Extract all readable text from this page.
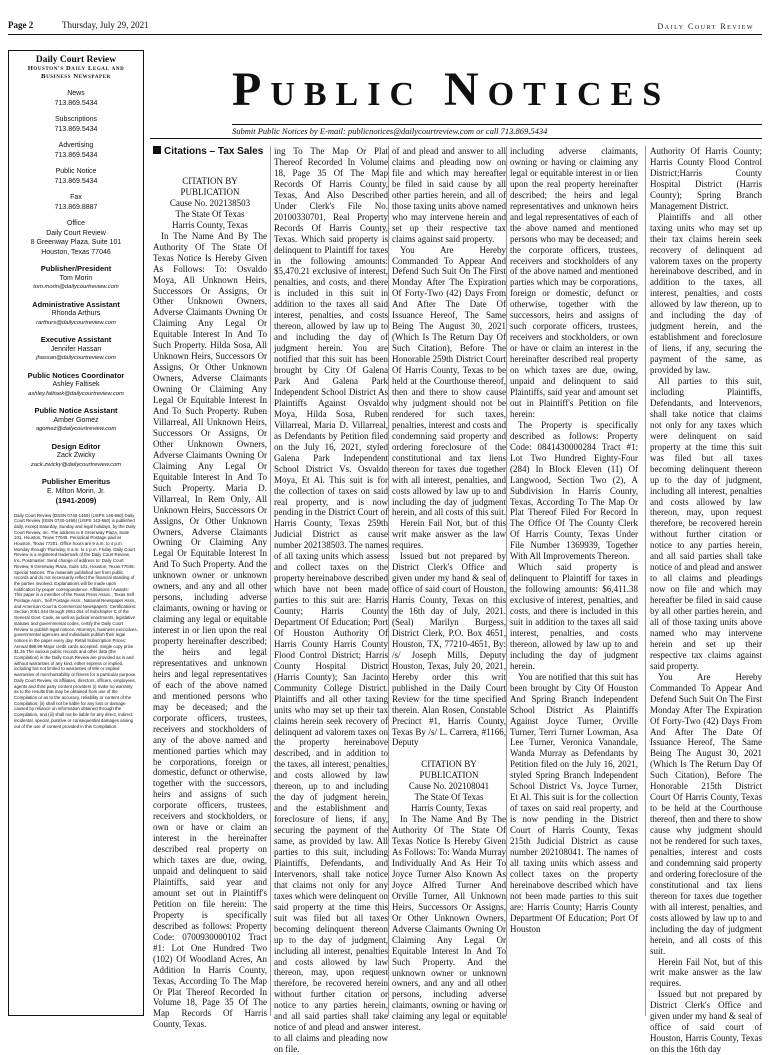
Page 2	Thursday, July 29, 2021	Daily Court Review
Daily Court Review
Houston's Daily Legal and Business Newspaper
News
713.869.5434
Subscriptions
713.869.5434
Advertising
713.869.5434
Public Notice
713.869.5434
Fax
713.869.8887
Office
Daily Court Review
8 Greenway Plaza, Suite 101
Houston, Texas 77046
Publisher/President
Tom Morin
tom.morin@dailycourtreview.com
Administrative Assistant
Rhonda Arthurs
rarthurs@dailycourtreview.com
Executive Assistant
Jennifer Hassan
jhassan@dailycourtreview.com
Public Notices Coordinator
Ashley Faltisek
ashley.faltisek@dailycourtreview.com
Public Notice Assistant
Amber Gomez
agomez@dailycourtreview.com
Design Editor
Zack Zwicky
zack.zwicky@dailycourtreview.com
Publisher Emeritus
E. Milton Morin, Jr.
(1941-2009)
Daily Court Review (DSSN 0740-1469) (USPS 146-660) Daily Court Review (ISSN 0740-1469) (USPS 142-660) is published daily, except Saturday, Sunday and legal holidays, by the Daily Court Review, Inc. The address is 8 Greenway Plaza, Suite 101, Houston, Texas 77046. Periodical Postage paid at Houston, Texas 77201. Office hours are 9 a.m. to 4 p.m. Monday through Thursday, 9 a.m. to 1 p.m. Friday. Daily Court Review is a registered trademark of the Daily Court Review, Inc. Postmaster: Send change of address to: Daily Court Review, 8 Greenway Plaza, Suite 101, Houston, Texas 77046. Special Notices: The materials published are from public records and do not necessarily reflect the financial standing of the parties involved. Explanations will be made upon notification by proper correspondence. Affiliations / Awards: This paper is a member of the Texas Press Assoc., Texas Self Postage Assn., Self Postage Assn., National Newspaper Assn., and American Court & Commercial Newspapers. Certifications: Section 2051.044 through 2051.051 of Subchapter C of the General Govt. Code, as well as judicial enactments, legislative statutes and governmental codes, certify the Daily Court Review to publish legal notices. Attorneys, business executives, governmental agencies and individuals publish their legal notices in the paper every day. Retail Subscription Prices: Annual $99.99 Major credit cards accepted. Single copy price $1.25 The various public records and other data (the Compilation) in the Daily Court Review are provided as is and without warranties of any kind, either express or implied, including but not limited to warranties of title or implied warranties of merchantability or fitness for a particular purpose. Daily Court Review, its affiliates, directors, officers, employees, agents and third party content providers (i) make no warranty as to the results that may be obtained from use of the Compilation or as to the accuracy, reliability or content of the Compilation, (ii) shall not be liable for any loss or damage caused by reliance on information obtained through the Compilation, and (iii) shall not be liable for any direct, indirect, incidental, special, punitive or consequential damages arising out of the use of content provided in this Compilation.
Public Notices
Submit Public Notices by E-mail: publicnotices@dailycourtreview.com or call 713.869.5434
Citations – Tax Sales

CITATION BY PUBLICATION

Cause No. 202138503

The State Of Texas

Harris County, Texas

In The Name And By The Authority Of The State Of Texas Notice Is Hereby Given As Follows: To: Osvaldo Moya, All Unknown Heirs, Successors Or Assigns, Or Other Unknown Owners, Adverse Claimants Owning Or Claiming Any Legal Or Equitable Interest In And To Such Property. Hilda Sosa, All Unknown Heirs, Successors Or Assigns, Or Other Unknown Owners, Adverse Claimants Owning Or Claiming Any Legal Or Equitable Interest In And To Such Property. Ruben Villarreal, All Unknown Heirs, Successors Or Assigns, Or Other Unknown Owners, Adverse Claimants Owning Or Claiming Any Legal Or Equitable Interest In And To Such Property. Maria D. Villarreal, In Rem Only, All Unknown Heirs, Successors Or Assigns, Or Other Unknown Owners, Adverse Claimants Owning Or Claiming Any Legal Or Equitable Interest In And To Such Property. And the unknown owner or unknown owners, and any and all other persons, including adverse claimants, owning or having or claiming any legal or equitable interest in or lien upon the real property hereinafter described; the heirs and legal representatives and unknown heirs and legal representatives of each of the above named and mentioned persons who may be deceased; and the corporate officers, trustees, receivers and stockholders of any of the above named and mentioned parties which may be corporations, foreign or domestic, defunct or otherwise, together with the successors, heirs and assigns of such corporate officers, trustees, receivers and stockholders, or own or have or claim an interest in the hereinafter described real property on which taxes are due, owing, unpaid and delinquent to said Plaintiffs, said year and amount set out in Plaintiff's Petition on file herein: The Property is specifically described as follows: Property Code: 0700930000102 Tract #1: Lot One Hundred Two (102) Of Woodland Acres, An Addition In Harris County, Texas, According To The Map Or Plat Thereof Recorded In Volume 18, Page 35 Of The Map Records Of Harris County, Texas.

ing To The Map Or Plat Thereof Recorded In Volume 18, Page 35 Of The Map Records Of Harris County, Texas, And Also Described Under Clerk's File No. 20100330701, Real Property Records Of Harris County, Texas. Which said property is delinquent to Plaintiff for taxes in the following amounts: $5,470.21 exclusive of interest, penalties, and costs, and there is included in this suit in addition to the taxes all said interest, penalties, and costs thereon, allowed by law up to and including the day of judgment herein. You are notified that this suit has been brought by City Of Galena Park And Galena Park Independent School District As Plaintiffs Against Osvaldo Moya, Hilda Sosa, Ruben Villarreal, Maria D. Villarreal, as Defendants by Petition filed on the July 16, 2021, styled Galena Park Independent School District Vs. Osvaldo Moya, Et Al. This suit is for the collection of taxes on said real property, and is now pending in the District Court of Harris County, Texas 259th Judicial District as cause number 202138503. The names of all taxing units which assess and collect taxes on the property hereinabove described which have not been made parties to this suit are: Harris County; Harris County Department Of Education; Port Of Houston Authority Of Harris County Harris County Flood Control District; Harris County Hospital District (Harris County); San Jacinto Community College District. Plaintiffs and all other taxing units who may set up their tax claims herein seek recovery of delinquent ad valorem taxes on the property hereinabove described, and in addition to the taxes, all interest, penalties, and costs allowed by law thereon, up to and including the day of judgment herein, and the establishment and foreclosure of liens, if any, securing the payment of the same, as provided by law. All parties to this suit, including Plaintiffs, Defendants, and Intervenors, shall take notice that claims not only for any taxes which were delinquent on said property at the time this suit was filed but all taxes becoming delinquent thereon up to the day of judgment, including all interest, penalties and costs allowed by law thereon, may, upon request therefore, be recovered herein without further citation or notice to any parties herein, and all said parties shall take notice of and plead and answer to all claims and pleading now on file.

of and plead and answer to all claims and pleading now on file and which may hereafter be filed in said cause by all other parties herein, and all of those taxing units above named who may intervene herein and set up their respective tax claims against said property.

You Are Hereby Commanded To Appear And Defend Such Suit On The First Monday After The Expiration Of Forty-Two (42) Days From And After The Date Of Issuance Hereof, The Same Being The August 30, 2021 (Which Is The Return Day Of Such Citation), Before The Honorable 259th District Court Of Harris County, Texas to be held at the Courthouse thereof, then and there to show cause why judgment should not be rendered for such taxes, penalties, interest and costs and condemning said property and ordering foreclosure of the constitutional and tax liens thereon for taxes due together with all interest, penalties, and costs allowed by law up to and including the day of judgment herein, and all costs of this suit.

Herein Fail Not, but of this writ make answer as the law requires.

Issued but not prepared by District Clerk's Office and given under my hand & seal of office of said court of Houston, Harris County, Texas on this the 16th day of July, 2021. (Seal) Marilyn Burgess, District Clerk, P.O. Box 4651, Houston, TX, 77210-4651, By: /s/ Joseph Mills, Deputy Houston, Texas, July 20, 2021, Hereby order this writ published in the Daily Court Review for the time specified therein. Alan Rosen, Constable Precinct #1, Harris County, Texas By /s/ L. Carrera, #1166, Deputy

CITATION BY PUBLICATION

Cause No. 202108041

The State Of Texas

Harris County, Texas

In The Name And By The Authority Of The State Of Texas Notice Is Hereby Given As Follows: To: Wanda Murray Individually And As Heir To Joyce Turner Also Known As Joyce Alfred Turner And Orville Turner, All Unknown Heirs, Successors Or Assigns, Or Other Unknown Owners, Adverse Claimants Owning Or Claiming Any Legal Or Equitable Interest In And To Such Property. And the unknown owner or unknown owners, and any and all other persons, including adverse claimants, owning or having or claiming any legal or equitable interest.

including adverse claimants, owning or having or claiming any legal or equitable interest in or lien upon the real property hereinafter described; the heirs and legal representatives and unknown heirs and legal representatives of each of the above named and mentioned persons who may be deceased; and the corporate officers, trustees, receivers and stockholders of any of the above named and mentioned parties which may be corporations, foreign or domestic, defunct or otherwise, together with the successors, heirs and assigns of such corporate officers, trustees, receivers and stockholders, or own or have or claim an interest in the hereinafter described real property on which taxes are due, owing, unpaid and delinquent to said Plaintiffs, said year and amount set out in Plaintiff's Petition on file herein:

The Property is specifically described as follows: Property Code: 0841430000284 Tract #1: Lot Two Hundred Eighty-Four (284) In Block Eleven (11) Of Langwood, Section Two (2), A Subdivision In Harris County, Texas, According To The Map Or Plat Thereof Filed For Record In The Office Of The County Clerk Of Harris County, Texas Under File Number 1369939, Together With All Improvements Thereon.

Which said property is delinquent to Plaintiff for taxes in the following amounts: $6,411.38 exclusive of interest, penalties, and costs, and there is included in this suit in addition to the taxes all said interest, penalties, and costs thereon, allowed by law up to and including the day of judgment herein.

You are notified that this suit has been brought by City Of Houston And Spring Branch Independent School District As Plaintiffs Against Joyce Turner, Orville Turner, Terri Turner Lowman, Asa Lee Turner, Veronica Vanandale, Wanda Murray as Defendants by Petition filed on the July 16, 2021, styled Spring Branch Independent School District Vs. Joyce Turner, Et Al. This suit is for the collection of taxes on said real property, and is now pending in the District Court of Harris County, Texas 215th Judicial District as cause number 202108041. The names of all taxing units which assess and collect taxes on the property hereinabove described which have not been made parties to this suit are: Harris County; Harris County Department Of Education; Port Of Houston

Authority Of Harris County; Harris County Flood Control District;Harris County Hospital District (Harris County); Spring Branch Management District.

Plaintiffs and all other taxing units who may set up their tax claims herein seek recovery of delinquent ad valorem taxes on the property hereinabove described, and in addition to the taxes, all interest, penalties, and costs allowed by law thereon, up to and including the day of judgment herein, and the establishment and foreclosure of liens, if any, securing the payment of the same, as provided by law.

All parties to this suit, including Plaintiffs, Defendants, and Intervenors, shall take notice that claims not only for any taxes which were delinquent on said property at the time this suit was filed but all taxes becoming delinquent thereon up to the day of judgment, including all interest, penalties and costs allowed by law thereon, may, upon request therefore, be recovered herein without further citation or notice to any parties herein, and all said parties shall take notice of and plead and answer to all claims and pleadings now on file and which may hereafter be filed in said cause by all other parties herein, and all of those taxing units above named who may intervene herein and set up their respective tax claims against said property.

You Are Hereby Commanded To Appear And Defend Such Suit On The First Monday After The Expiration Of Forty-Two (42) Days From And After The Date Of Issuance Hereof, The Same Being The August 30, 2021 (Which Is The Return Day Of Such Citation), Before The Honorable 215th District Court Of Harris County, Texas to be held at the Courthouse thereof, then and there to show cause why judgment should not be rendered for such taxes, penalties, interest and costs and condemning said property and ordering foreclosure of the constitutional and tax liens thereon for taxes due together with all interest, penalties, and costs allowed by law up to and including the day of judgment herein, and all costs of this suit.

Herein Fail Not, but of this writ make answer as the law requires.

Issued but not prepared by District Clerk's Office and given under my hand & seal of office of said court of Houston, Harris County, Texas on this the 16th day
